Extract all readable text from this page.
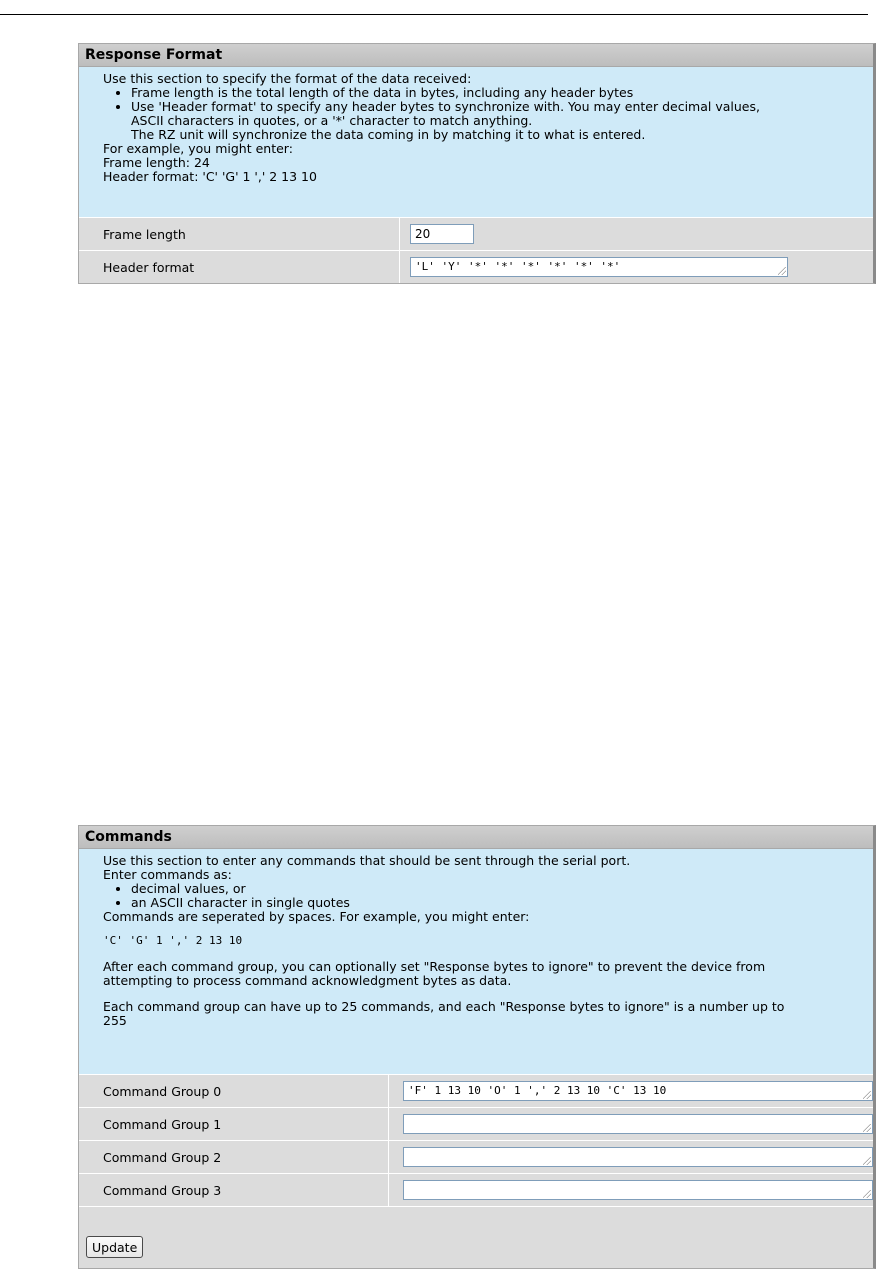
Response Format

Use this section to specify the format of the data received:

• Frame length is the total length of the data in bytes, including any header bytes
• Use 'Header format' to specify any header bytes to synchronize with. You may enter decimal values,
ASCII characters in quotes, or a '*' character to match anything.
The RZ unit will synchronize the data coming in by matching it to what is entered.

For example, you might enter:

Frame length: 24

Header format: 'C' 'G' 1 ',' 2 13 10

Frame length	20
Header format	'L' 'Y' '*' '*' '*' '*' '*' '*'
Commands

Use this section to enter any commands that should be sent through the serial port.

Enter commands as:

• decimal values, or
• an ASCII character in single quotes

Commands are seperated by spaces. For example, you might enter:

'C' 'G' 1 ',' 2 13 10

After each command group, you can optionally set "Response bytes to ignore" to prevent the device from
attempting to process command acknowledgment bytes as data.

Each command group can have up to 25 commands, and each "Response bytes to ignore" is a number up to
255

Command Group 0	'F' 1 13 10 'O' 1 ',' 2 13 10 'C' 13 10
Command Group 1
Command Group 2
Command Group 3
Update
